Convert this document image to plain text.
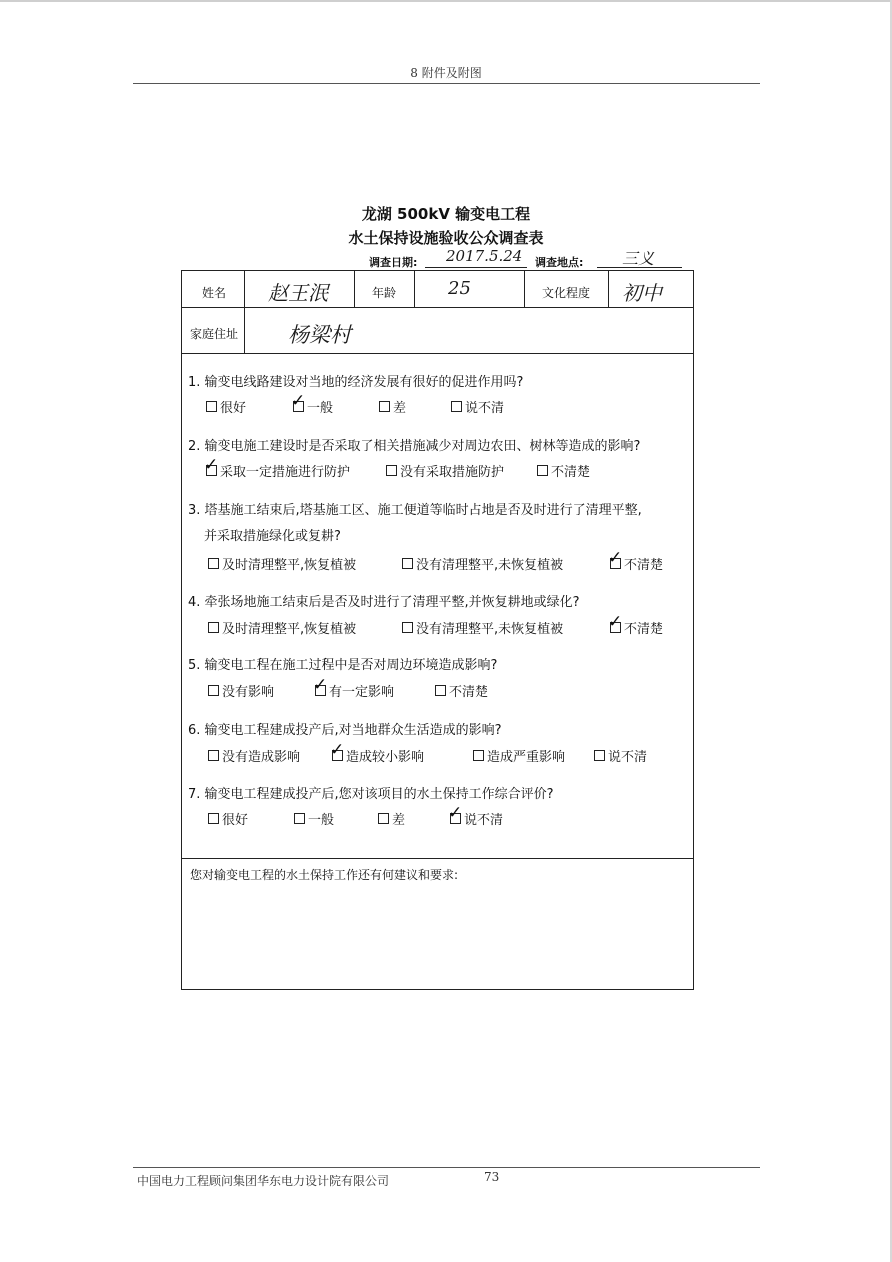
8 附件及附图
龙湖 500kV 输变电工程
水土保持设施验收公众调查表
调查日期: 2017.5.24 调查地点: 三义
姓名 赵王泯	年龄	25	文化程度 初中
家庭住址 杨梁村
1. 输变电线路建设对当地的经济发展有很好的促进作用吗?
很好	✓ 一般	差	说不清
2. 输变电施工建设时是否采取了相关措施减少对周边农田、树林等造成的影响?
✓ 采取一定措施进行防护	没有采取措施防护	不清楚
3. 塔基施工结束后,塔基施工区、施工便道等临时占地是否及时进行了清理平整,
并采取措施绿化或复耕?
及时清理整平,恢复植被	没有清理整平,未恢复植被	✓ 不清楚
4. 牵张场地施工结束后是否及时进行了清理平整,并恢复耕地或绿化?
及时清理整平,恢复植被	没有清理整平,未恢复植被	✓ 不清楚
5. 输变电工程在施工过程中是否对周边环境造成影响?
没有影响 ✓ 有一定影响	不清楚
6. 输变电工程建成投产后,对当地群众生活造成的影响?
没有造成影响 ✓ 造成较小影响	造成严重影响	说不清
7. 输变电工程建成投产后,您对该项目的水土保持工作综合评价?
很好	一般	差	✓ 说不清
您对输变电工程的水土保持工作还有何建议和要求:
中国电力工程顾问集团华东电力设计院有限公司	73
